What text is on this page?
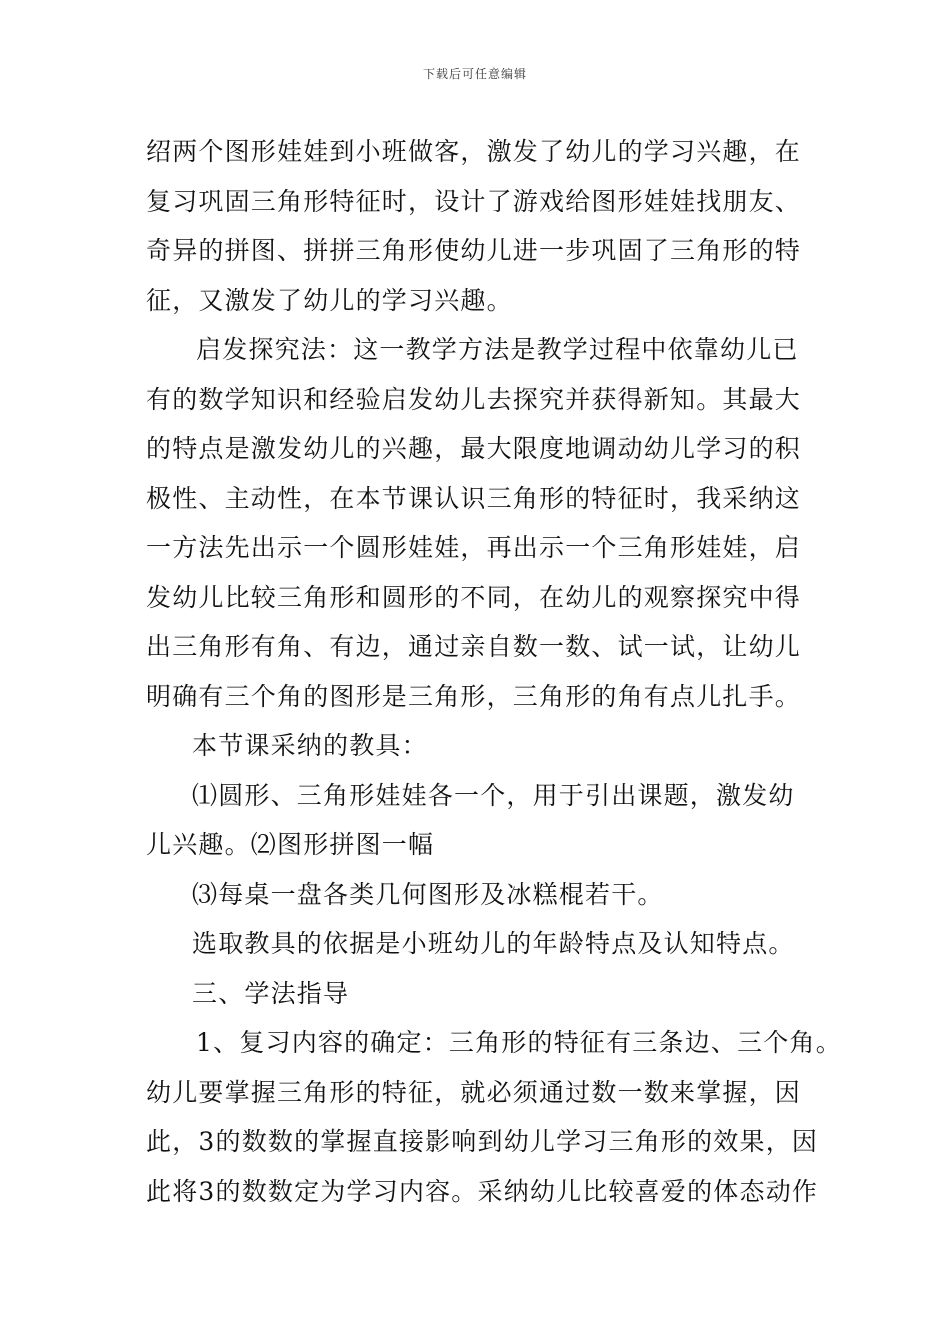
下载后可任意编辑
绍两个图形娃娃到小班做客，激发了幼儿的学习兴趣，在
复习巩固三角形特征时，设计了游戏给图形娃娃找朋友、
奇异的拼图、拼拼三角形使幼儿进一步巩固了三角形的特
征，又激发了幼儿的学习兴趣。
启发探究法：这一教学方法是教学过程中依靠幼儿已
有的数学知识和经验启发幼儿去探究并获得新知。其最大
的特点是激发幼儿的兴趣，最大限度地调动幼儿学习的积
极性、主动性，在本节课认识三角形的特征时，我采纳这
一方法先出示一个圆形娃娃，再出示一个三角形娃娃，启
发幼儿比较三角形和圆形的不同，在幼儿的观察探究中得
出三角形有角、有边，通过亲自数一数、试一试，让幼儿
明确有三个角的图形是三角形，三角形的角有点儿扎手。
本节课采纳的教具：
⑴圆形、三角形娃娃各一个，用于引出课题，激发幼
儿兴趣。⑵图形拼图一幅
⑶每桌一盘各类几何图形及冰糕棍若干。
选取教具的依据是小班幼儿的年龄特点及认知特点。
三、学法指导
1、复习内容的确定：三角形的特征有三条边、三个角。
幼儿要掌握三角形的特征，就必须通过数一数来掌握，因
此，3的数数的掌握直接影响到幼儿学习三角形的效果，因
此将3的数数定为学习内容。采纳幼儿比较喜爱的体态动作
